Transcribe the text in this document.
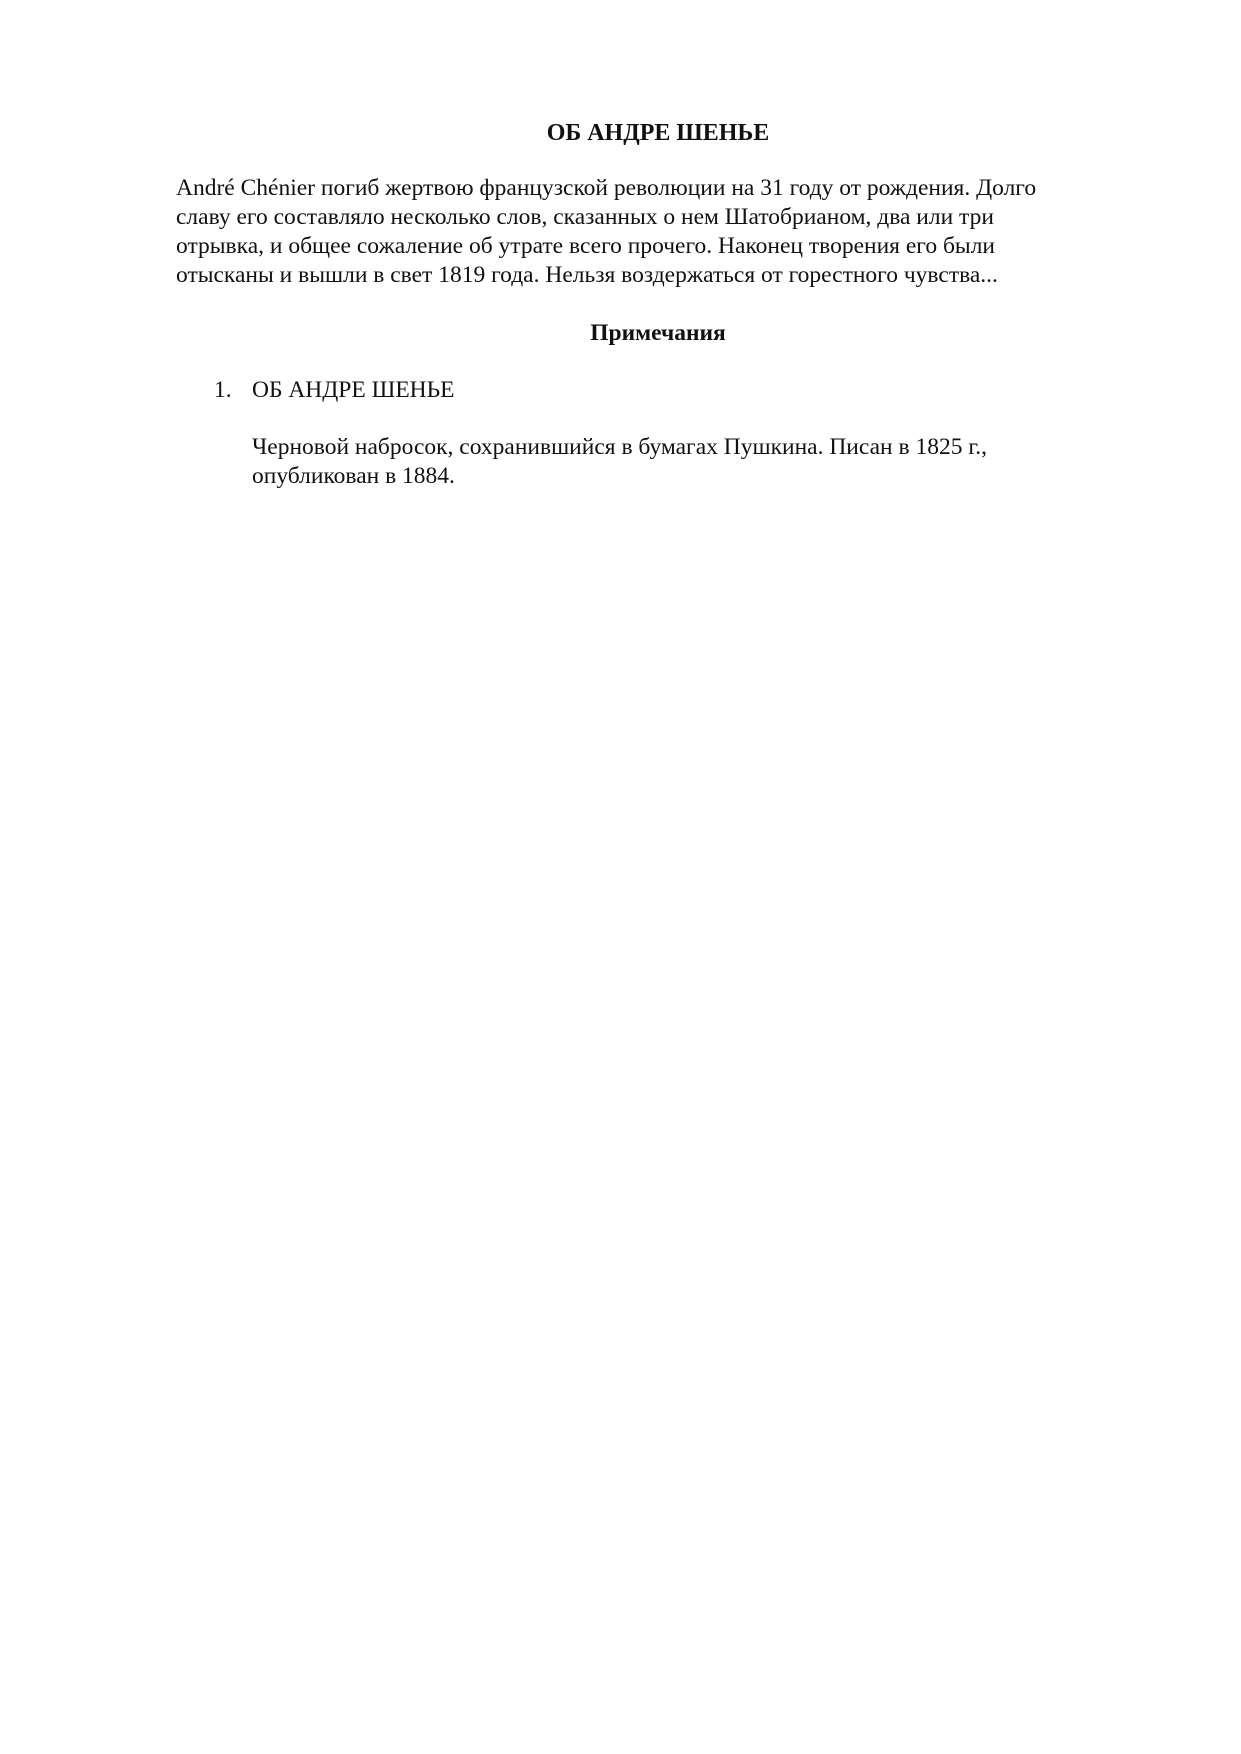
ОБ АНДРЕ ШЕНЬЕ

André Chénier погиб жертвою французской революции на 31 году от рождения. Долго
славу его составляло несколько слов, сказанных о нем Шатобрианом, два или три
отрывка, и общее сожаление об утрате всего прочего. Наконец творения его были
отысканы и вышли в свет 1819 года. Нельзя воздержаться от горестного чувства...

Примечания
1. ОБ АНДРЕ ШЕНЬЕ
Черновой набросок, сохранившийся в бумагах Пушкина. Писан в 1825 г.,
опубликован в 1884.
